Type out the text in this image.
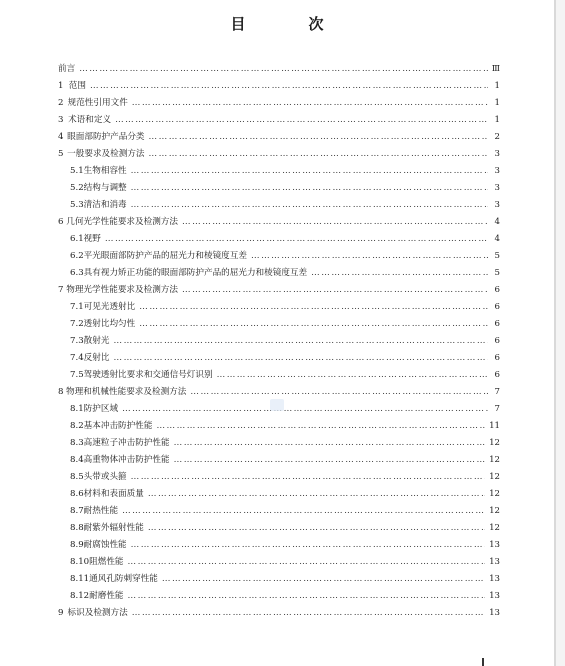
目　次
前言 ………………………………………………………………………………………………………………………………………………………………………………	Ⅲ
1 范围 ………………………………………………………………………………………………………………………………………………………………………………	1
2 规范性引用文件 ………………………………………………………………………………………………………………………………………………………………………………	1
3 术语和定义 ………………………………………………………………………………………………………………………………………………………………………………	1
4 眼面部防护产品分类 ………………………………………………………………………………………………………………………………………………………………………………	2
5 一般要求及检测方法 ………………………………………………………………………………………………………………………………………………………………………………	3
5.1 生物相容性 ………………………………………………………………………………………………………………………………………………………………………………	3
5.2 结构与调整 ………………………………………………………………………………………………………………………………………………………………………………	3
5.3 清洁和消毒 ………………………………………………………………………………………………………………………………………………………………………………	3
6 几何光学性能要求及检测方法 ………………………………………………………………………………………………………………………………………………………………………………	4
6.1 视野 ………………………………………………………………………………………………………………………………………………………………………………	4
6.2 平光眼面部防护产品的屈光力和棱镜度互差 ………………………………………………………………………………………………………………………………………………………………………………	5
6.3 具有视力矫正功能的眼面部防护产品的屈光力和棱镜度互差 ………………………………………………………………………………………………………………………………………………………………………………	5
7 物理光学性能要求及检测方法 ………………………………………………………………………………………………………………………………………………………………………………	6
7.1 可见光透射比 ………………………………………………………………………………………………………………………………………………………………………………	6
7.2 透射比均匀性 ………………………………………………………………………………………………………………………………………………………………………………	6
7.3 散射光 ………………………………………………………………………………………………………………………………………………………………………………	6
7.4 反射比 ………………………………………………………………………………………………………………………………………………………………………………	6
7.5 驾驶透射比要求和交通信号灯识别 ………………………………………………………………………………………………………………………………………………………………………………	6
8 物理和机械性能要求及检测方法 ………………………………………………………………………………………………………………………………………………………………………………	7
8.1 防护区域 ………………………………………………………………………………………………………………………………………………………………………………	7
8.2 基本冲击防护性能 ………………………………………………………………………………………………………………………………………………………………………………	11
8.3 高速粒子冲击防护性能 ………………………………………………………………………………………………………………………………………………………………………………	12
8.4 高重物体冲击防护性能 ………………………………………………………………………………………………………………………………………………………………………………	12
8.5 头带或头箍 ………………………………………………………………………………………………………………………………………………………………………………	12
8.6 材料和表面质量 ………………………………………………………………………………………………………………………………………………………………………………	12
8.7 耐热性能 ………………………………………………………………………………………………………………………………………………………………………………	12
8.8 耐紫外辐射性能 ………………………………………………………………………………………………………………………………………………………………………………	12
8.9 耐腐蚀性能 ………………………………………………………………………………………………………………………………………………………………………………	13
8.10 阻燃性能 ………………………………………………………………………………………………………………………………………………………………………………	13
8.11 通风孔防刺穿性能 ………………………………………………………………………………………………………………………………………………………………………………	13
8.12 耐磨性能 ………………………………………………………………………………………………………………………………………………………………………………	13
9 标识及检测方法 ………………………………………………………………………………………………………………………………………………………………………………	13
